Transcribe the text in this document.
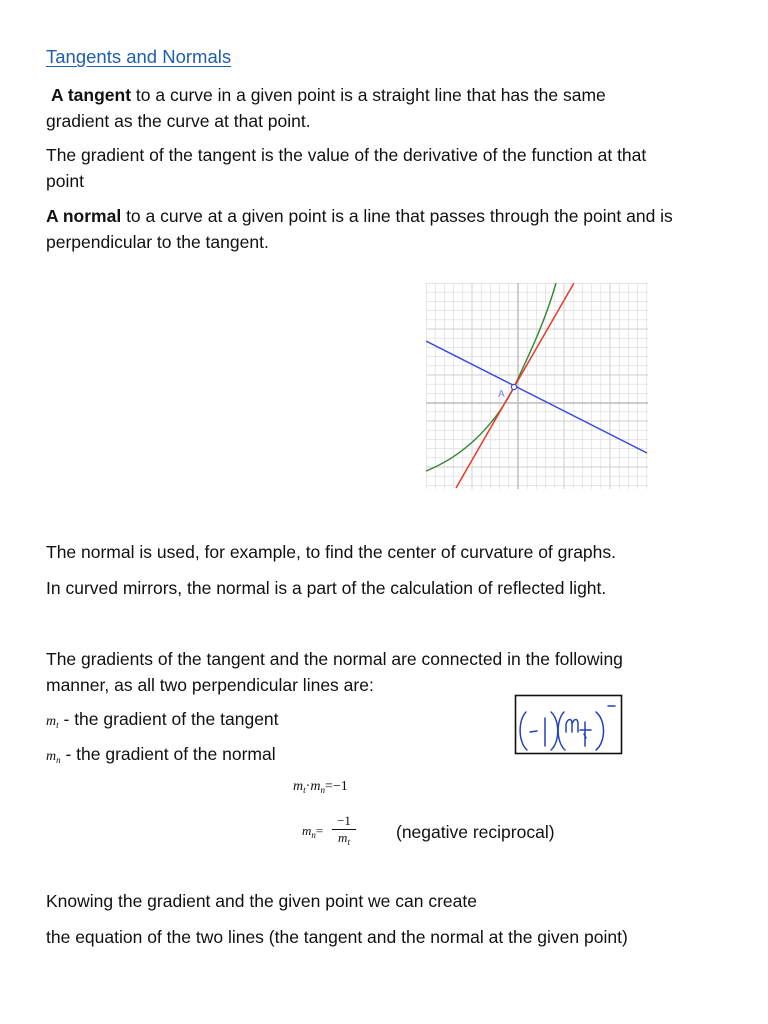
Tangents and Normals
A tangent to a curve in a given point is a straight line that has the same
gradient as the curve at that point.
The gradient of the tangent is the value of the derivative of the function at that
point
A normal to a curve at a given point is a line that passes through the point and is
perpendicular to the tangent.
A
The normal is used, for example, to find the center of curvature of graphs.
In curved mirrors, the normal is a part of the calculation of reflected light.
The gradients of the tangent and the normal are connected in the following
manner, as all two perpendicular lines are:
$m_t$ - the gradient of the tangent
$m_n$ - the gradient of the normal
$m_t\cdot m_n=-1$
$m_n= \frac{-1}{m_t}$ (negative reciprocal)
Knowing the gradient and the given point we can create
the equation of the two lines (the tangent and the normal at the given point)
